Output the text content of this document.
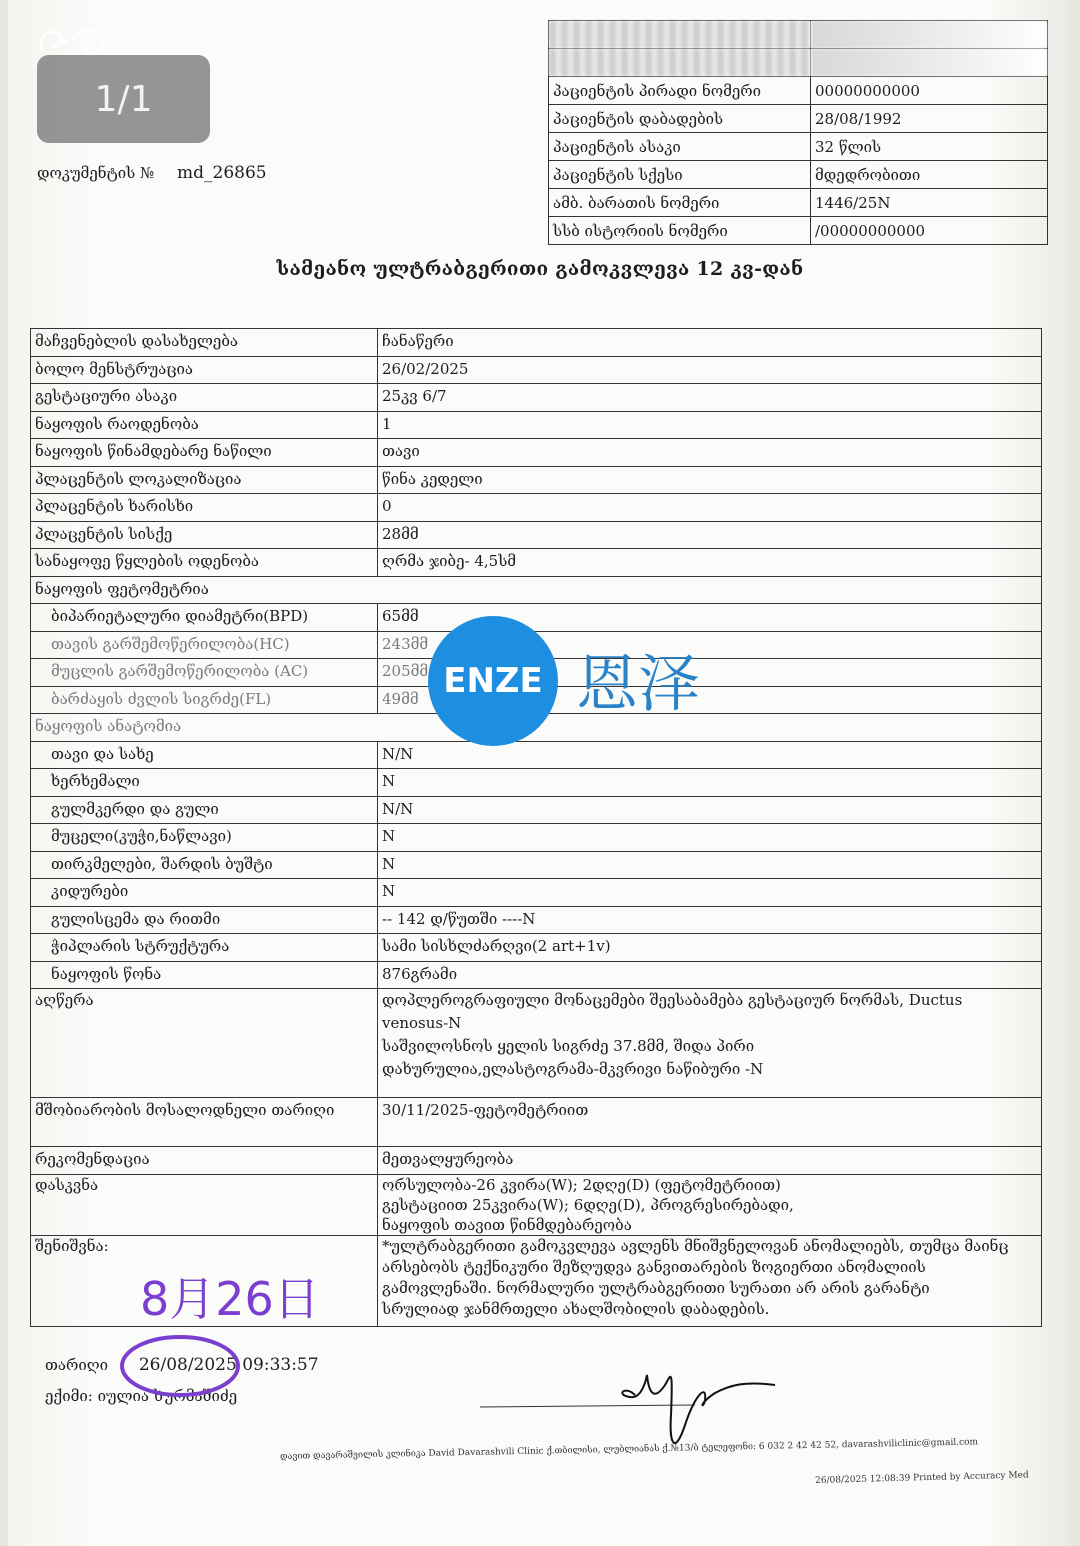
1/1
დოკუმენტის № md_26865

პაციენტის პირადი ნომერი	00000000000
პაციენტის დაბადების	28/08/1992
პაციენტის ასაკი	32 წლის
პაციენტის სქესი	მდედრობითი
ამბ. ბარათის ნომერი	1446/25N
სსბ ისტორიის ნომერი	/00000000000
სამეანო ულტრაბგერითი გამოკვლევა 12 კვ-დან
მაჩვენებლის დასახელება	ჩანაწერი
ბოლო მენსტრუაცია	26/02/2025
გესტაციური ასაკი	25კვ 6/7
ნაყოფის რაოდენობა	1
ნაყოფის წინამდებარე ნაწილი	თავი
პლაცენტის ლოკალიზაცია	წინა კედელი
პლაცენტის ხარისხი	0
პლაცენტის სისქე	28მმ
სანაყოფე წყლების ოდენობა	ღრმა ჯიბე- 4,5სმ
ნაყოფის ფეტომეტრია	
ბიპარიეტალური დიამეტრი(BPD)	65მმ
თავის გარშემოწერილობა(HC)	243მმ
მუცლის გარშემოწერილობა (AC)	205მმ
ბარძაყის ძვლის სიგრძე(FL)	49მმ
ნაყოფის ანატომია	
თავი და სახე	N/N
ხერხემალი	N
გულმკერდი და გული	N/N
მუცელი(კუჭი,ნაწლავი)	N
თირკმელები, შარდის ბუშტი	N
კიდურები	N
გულისცემა და რითმი	-- 142 დ/წუთში ----N
ჭიპლარის სტრუქტურა	სამი სისხლძარღვი(2 art+1v)
ნაყოფის წონა	876გრამი
აღწერა	დოპლეროგრაფიული მონაცემები შეესაბამება გესტაციურ ნორმას, Ductus
venosus-N
საშვილოსნოს ყელის სიგრძე 37.8მმ, შიდა პირი
დახურულია,ელასტოგრამა-მკვრივი ნაწიბური -N

მშობიარობის მოსალოდნელი თარიღი	30/11/2025-ფეტომეტრიით
რეკომენდაცია	მეთვალყურეობა
დასკვნა	ორსულობა-26 კვირა(W); 2დღე(D) (ფეტომეტრიით)
გესტაციით 25კვირა(W); 6დღე(D), პროგრესირებადი,
ნაყოფის თავით წინმდებარეობა

შენიშვნა:	*ულტრაბგერითი გამოკვლევა ავლენს მნიშვნელოვან ანომალიებს, თუმცა მაინც
არსებობს ტექნიკური შეზღუდვა განვითარების ზოგიერთი ანომალიის
გამოვლენაში. ნორმალური ულტრაბგერითი სურათი არ არის გარანტი
სრულიად ჯანმრთელი ახალშობილის დაბადების.
ENZE 恩泽
8月26日
თარიღი 26/08/2025 09:33:57
ექიმი: იულია ხურმაშიძე
დავით დავარაშვილის კლინიკა David Davarashvili Clinic ქ.თბილისი, ლუბლიანას ქ.№13/ბ ტელეფონი: 6 032 2 42 42 52, davarashviliclinic@gmail.com
26/08/2025 12:08:39 Printed by Accuracy Med
